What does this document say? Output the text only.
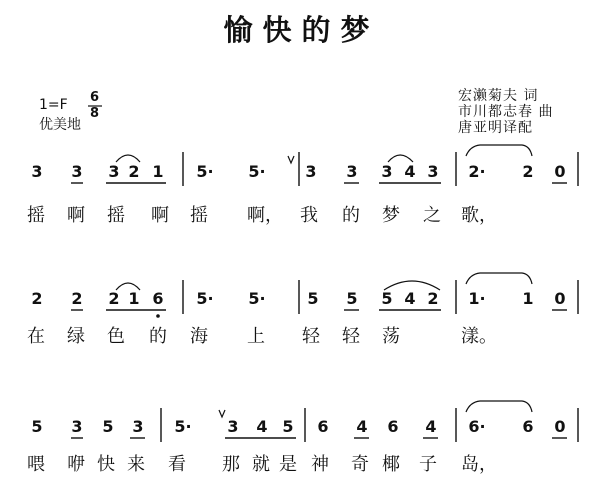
愉快的梦
1=F 6
8
优美地
宏濑菊夫 词
市川都志春 曲
唐亚明译配
3 3 3 2 1 5· 5· 3 3 3 4 3 2· 2 0
摇 啊 摇 啊 摇 啊， 我 的 梦 之 歌，
2 2 2 1 6 5· 5·	5 5 5 4 2 1· 1 0
在 绿 色 的 海 上 轻 轻 荡	漾。
5 3 5 3 5· 3 4 5 6 4 6 4 6· 6 0
喂 咿 快 来 看 那 就 是 神 奇 椰 子 岛，
